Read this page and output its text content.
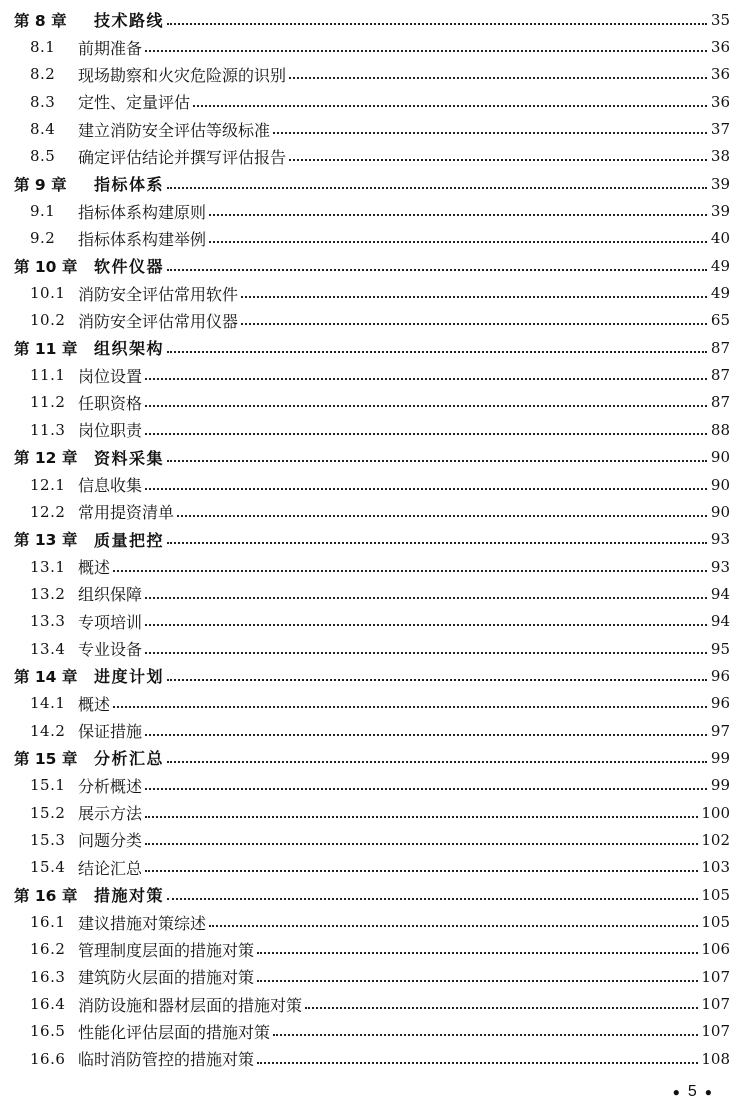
第 8 章	技术路线	35
8.1	前期准备	36
8.2	现场勘察和火灾危险源的识别	36
8.3	定性、定量评估	36
8.4	建立消防安全评估等级标准	37
8.5	确定评估结论并撰写评估报告	38
第 9 章	指标体系	39
9.1	指标体系构建原则	39
9.2	指标体系构建举例	40
第 10 章	软件仪器	49
10.1 消防安全评估常用软件	49
10.2 消防安全评估常用仪器	65
第 11 章	组织架构	87
11.1 岗位设置	87
11.2 任职资格	87
11.3 岗位职责	88
第 12 章	资料采集	90
12.1 信息收集	90
12.2 常用提资清单	90
第 13 章	质量把控	93
13.1 概述	93
13.2 组织保障	94
13.3 专项培训	94
13.4 专业设备	95
第 14 章	进度计划	96
14.1 概述	96
14.2 保证措施	97
第 15 章	分析汇总	99
15.1 分析概述	99
15.2 展示方法	100
15.3 问题分类	102
15.4 结论汇总	103
第 16 章	措施对策	105
16.1 建议措施对策综述	105
16.2 管理制度层面的措施对策	106
16.3 建筑防火层面的措施对策	107
16.4 消防设施和器材层面的措施对策	107
16.5 性能化评估层面的措施对策	107
16.6 临时消防管控的措施对策	108
● 5 ●
